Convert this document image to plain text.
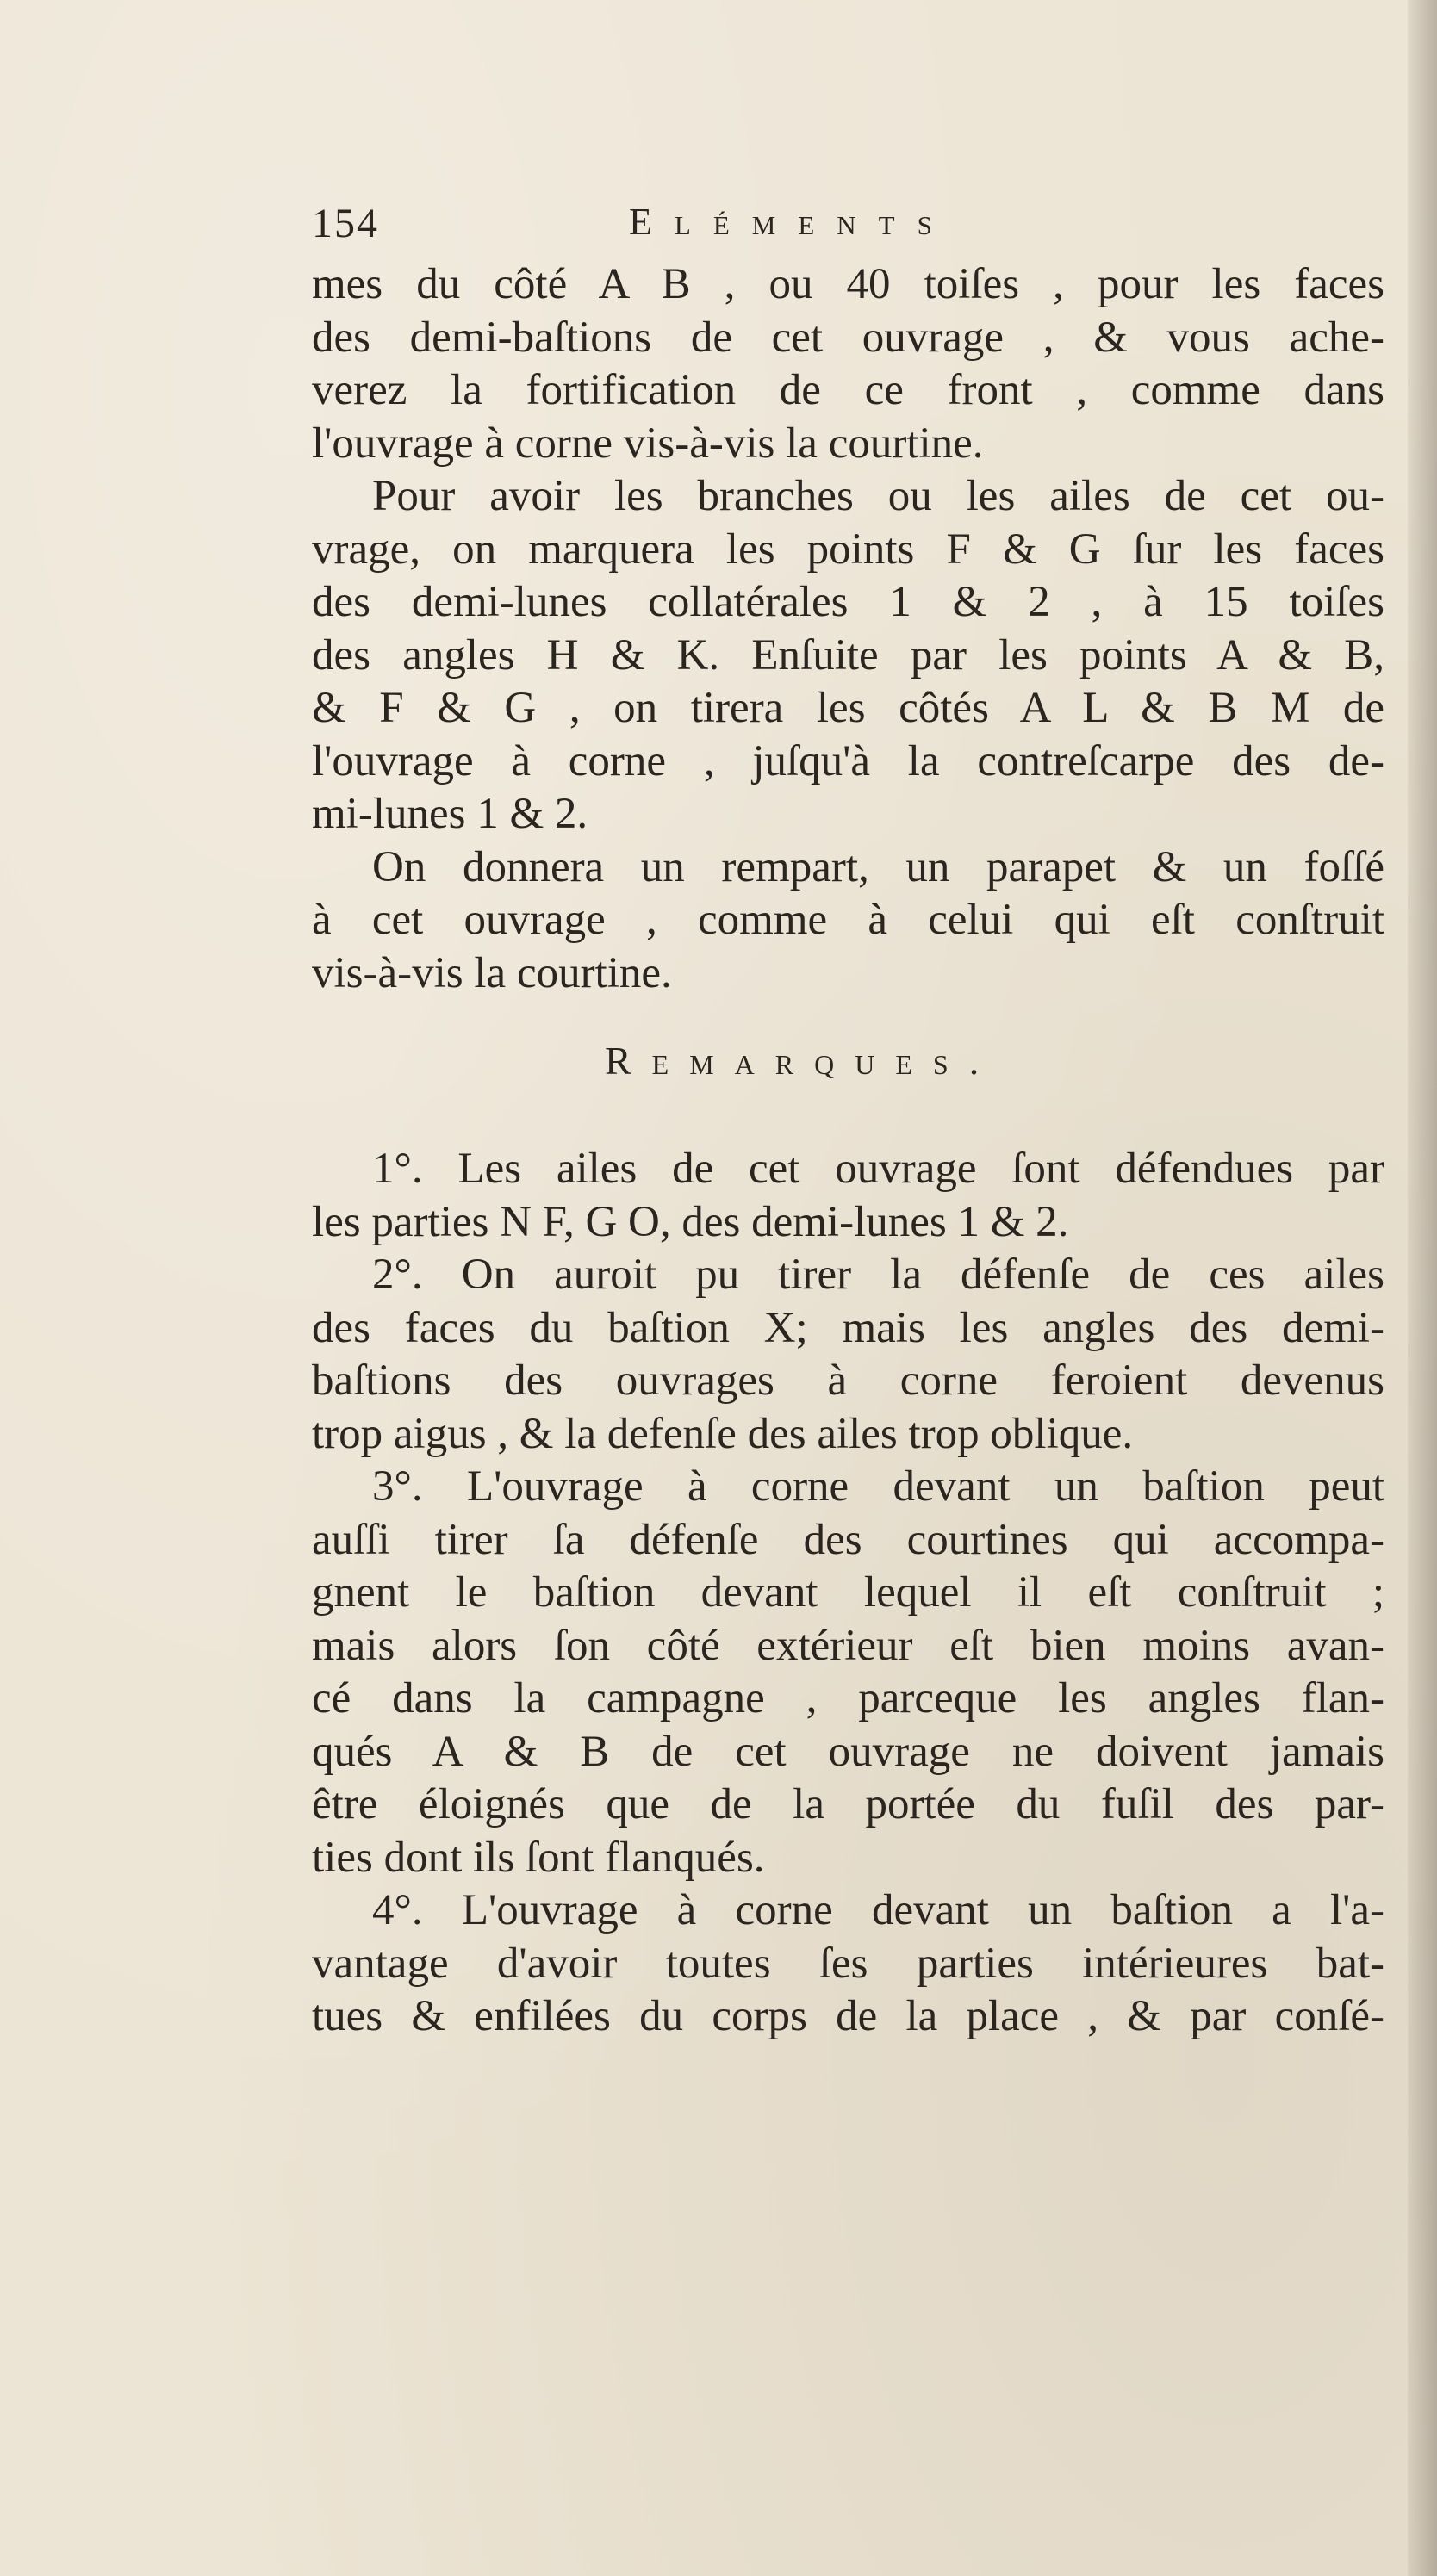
154	Eléments
mes du côté A B , ou 40 toiſes , pour les faces
des demi-baſtions de cet ouvrage , & vous ache-
verez la fortification de ce front , comme dans
l'ouvrage à corne vis-à-vis la courtine.
Pour avoir les branches ou les ailes de cet ou-
vrage, on marquera les points F & G ſur les faces
des demi-lunes collatérales 1 & 2 , à 15 toiſes
des angles H & K. Enſuite par les points A & B,
& F & G , on tirera les côtés A L & B M de
l'ouvrage à corne , juſqu'à la contreſcarpe des de-
mi-lunes 1 & 2.
On donnera un rempart, un parapet & un foſſé
à cet ouvrage , comme à celui qui eſt conſtruit
vis-à-vis la courtine.
Remarques.
1°. Les ailes de cet ouvrage ſont défendues par
les parties N F, G O, des demi-lunes 1 & 2.
2°. On auroit pu tirer la défenſe de ces ailes
des faces du baſtion X; mais les angles des demi-
baſtions des ouvrages à corne feroient devenus
trop aigus , & la defenſe des ailes trop oblique.
3°. L'ouvrage à corne devant un baſtion peut
auſſi tirer ſa défenſe des courtines qui accompa-
gnent le baſtion devant lequel il eſt conſtruit ;
mais alors ſon côté extérieur eſt bien moins avan-
cé dans la campagne , parceque les angles flan-
qués A & B de cet ouvrage ne doivent jamais
être éloignés que de la portée du fuſil des par-
ties dont ils ſont flanqués.
4°. L'ouvrage à corne devant un baſtion a l'a-
vantage d'avoir toutes ſes parties intérieures bat-
tues & enfilées du corps de la place , & par conſé-
